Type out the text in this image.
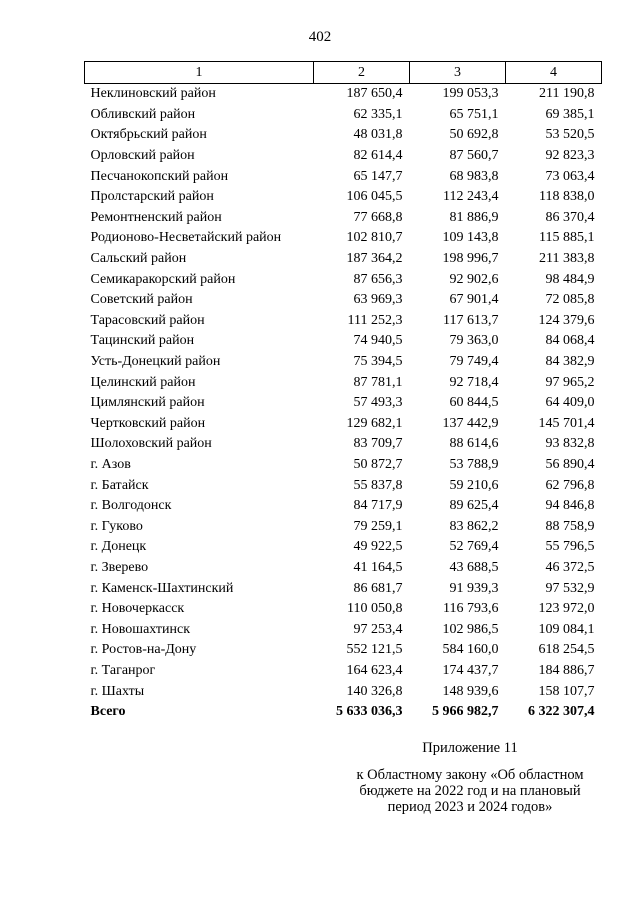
402
1	2	3	4
Неклиновский район	187 650,4	199 053,3	211 190,8
Обливский район	62 335,1	65 751,1	69 385,1
Октябрьский район	48 031,8	50 692,8	53 520,5
Орловский район	82 614,4	87 560,7	92 823,3
Песчанокопский район	65 147,7	68 983,8	73 063,4
Пролстарский район	106 045,5	112 243,4	118 838,0
Ремонтненский район	77 668,8	81 886,9	86 370,4
Родионово-Несветайский район	102 810,7	109 143,8	115 885,1
Сальский район	187 364,2	198 996,7	211 383,8
Семикаракорский район	87 656,3	92 902,6	98 484,9
Советский район	63 969,3	67 901,4	72 085,8
Тарасовский район	111 252,3	117 613,7	124 379,6
Тацинский район	74 940,5	79 363,0	84 068,4
Усть-Донецкий район	75 394,5	79 749,4	84 382,9
Целинский район	87 781,1	92 718,4	97 965,2
Цимлянский район	57 493,3	60 844,5	64 409,0
Чертковский район	129 682,1	137 442,9	145 701,4
Шолоховский район	83 709,7	88 614,6	93 832,8
г. Азов	50 872,7	53 788,9	56 890,4
г. Батайск	55 837,8	59 210,6	62 796,8
г. Волгодонск	84 717,9	89 625,4	94 846,8
г. Гуково	79 259,1	83 862,2	88 758,9
г. Донецк	49 922,5	52 769,4	55 796,5
г. Зверево	41 164,5	43 688,5	46 372,5
г. Каменск-Шахтинский	86 681,7	91 939,3	97 532,9
г. Новочеркасск	110 050,8	116 793,6	123 972,0
г. Новошахтинск	97 253,4	102 986,5	109 084,1
г. Ростов-на-Дону	552 121,5	584 160,0	618 254,5
г. Таганрог	164 623,4	174 437,7	184 886,7
г. Шахты	140 326,8	148 939,6	158 107,7
Всего	5 633 036,3	5 966 982,7	6 322 307,4
Приложение 11
к Областному закону «Об областном
бюджете на 2022 год и на плановый
период 2023 и 2024 годов»
